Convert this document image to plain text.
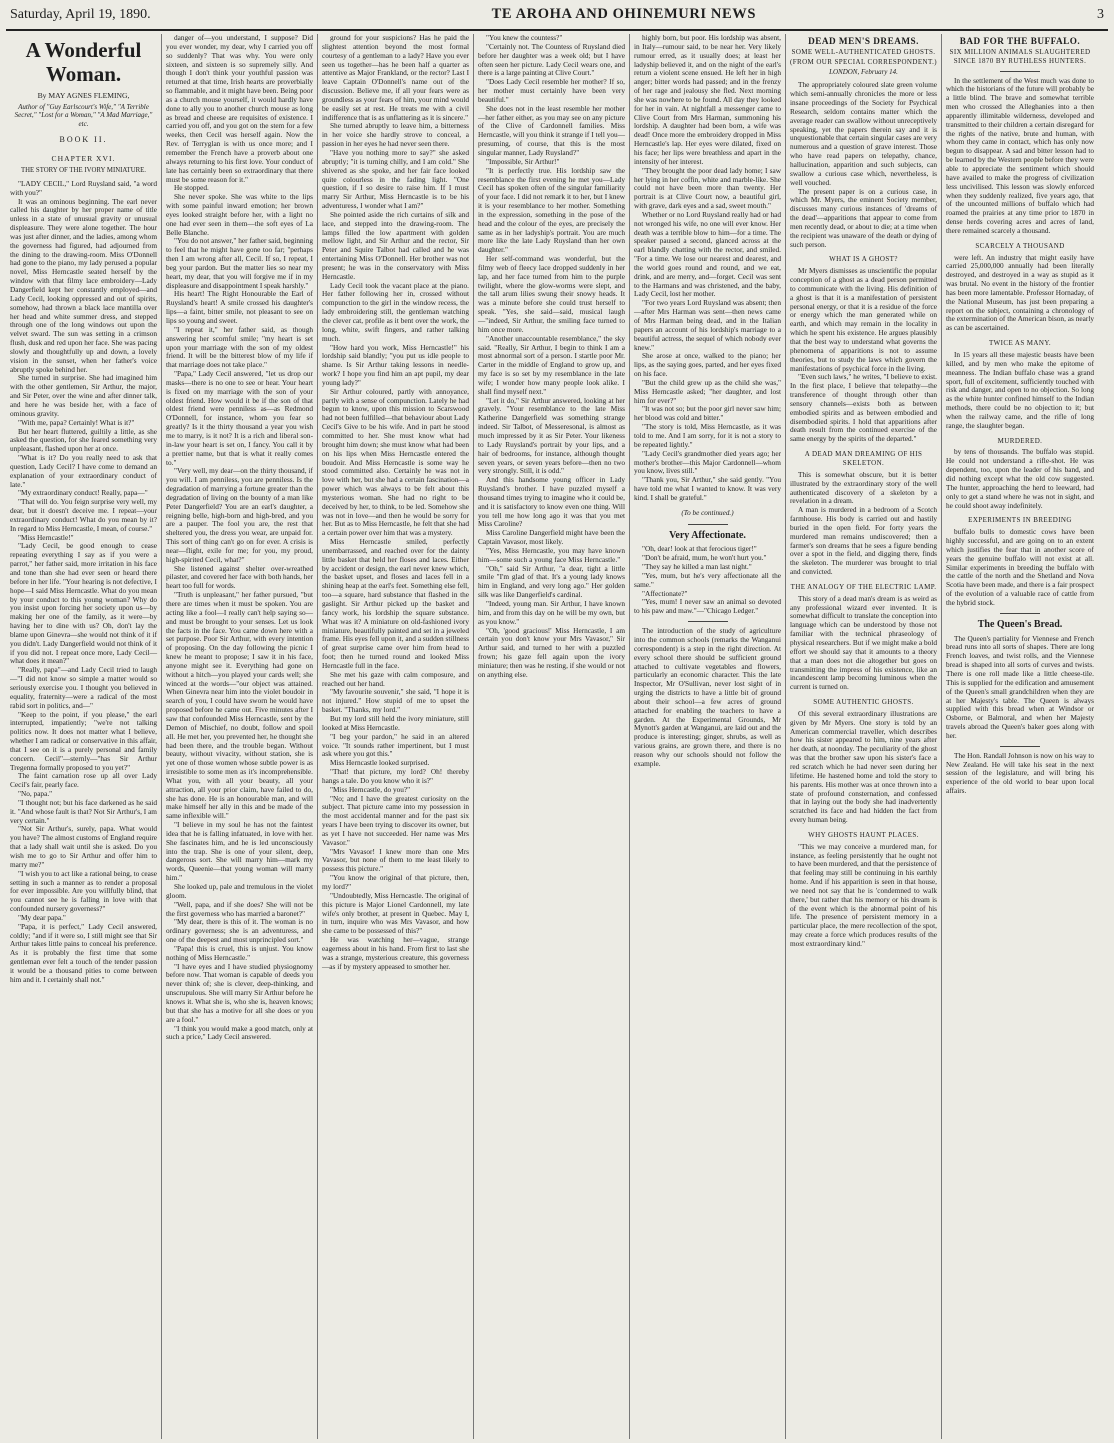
Saturday, April 19, 1890.	TE AROHA AND OHINEMURI NEWS	3
A Wonderful Woman.
By MAY AGNES FLEMING,
Author of "Guy Earlscourt's Wife," "A Terrible Secret," "Lost for a Woman," "A Mad Marriage," etc.
BOOK II.
CHAPTER XVI.
THE STORY OF THE IVORY MINIATURE.

"LADY CECIL," Lord Ruysland said, "a word with you?"

It was an ominous beginning. The earl never called his daughter by her proper name of title unless in a state of unusual gravity or unusual displeasure. They were alone together. The hour was just after dinner, and the ladies, among whom the governess had figured, had adjourned from the dining to the drawing-room. Miss O'Donnell had gone to the piano, my lady perused a popular novel, Miss Herncastle seated herself by the window with that filmy lace embroidery—Lady Dangerfield kept her constantly employed—and Lady Cecil, looking oppressed and out of spirits, somehow, had thrown a black lace mantilla over her head and white summer dress, and stepped through one of the long windows out upon the velvet sward. The sun was setting in a crimson flush, dusk and red upon her face. She was pacing slowly and thoughtfully up and down, a lovely vision in the sunset, when her father's voice abruptly spoke behind her.

She turned in surprise. She had imagined him with the other gentlemen, Sir Arthur, the major, and Sir Peter, over the wine and after dinner talk, and here he was beside her, with a face of ominous gravity.

"With me, papa? Certainly! What is it?"

But her heart fluttered, guiltily a little, as she asked the question, for she feared something very unpleasant, flashed upon her at once.

"What is it? Do you really need to ask that question, Lady Cecil? I have come to demand an explanation of your extraordinary conduct of late."

"My extraordinary conduct! Really, papa—"

"That will do. You feign surprise very well, my dear, but it doesn't deceive me. I repeat—your extraordinary conduct! What do you mean by it? In regard to Miss Herncastle, I mean, of course."

"Miss Herncastle!"

"Lady Cecil, be good enough to cease repeating everything I say as if you were a parrot," her father said, more irritation in his face and tone than she had ever seen or heard there before in her life. "Your hearing is not defective, I hope—I said Miss Herncastle. What do you mean by your conduct to this young woman? Why do you insist upon forcing her society upon us—by making her one of the family, as it were—by having her to dine with us? Oh, don't lay the blame upon Ginevra—she would not think of it if you didn't. Lady Dangerfield would not think of it if you did not. I repeat once more, Lady Cecil—what does it mean?"

"Really, papa"—and Lady Cecil tried to laugh—"I did not know so simple a matter would so seriously exercise you. I thought you believed in equality, fraternity—were a radical of the most rabid sort in politics, and—"

"Keep to the point, if you please," the earl interrupted, impatiently; "we're not talking politics now. It does not matter what I believe, whether I am radical or conservative in this affair, that I see on it is a purely personal and family concern. Cecil"—sternly—"has Sir Arthur Tregenna formally proposed to you yet?"

The faint carnation rose up all over Lady Cecil's fair, pearly face.

"No, papa."

"I thought not; but his face darkened as he said it. "And whose fault is that? Not Sir Arthur's, I am very certain."

"Not Sir Arthur's, surely, papa. What would you have? The almost customs of England require that a lady shall wait until she is asked. Do you wish me to go to Sir Arthur and offer him to marry me?"

"I wish you to act like a rational being, to cease setting in such a manner as to render a proposal for ever impossible. Are you willfully blind, that you cannot see he is falling in love with that confounded nursery governess?"

"My dear papa."

"Papa, it is perfect," Lady Cecil answered, coldly; "and if it were so, I still might see that Sir Arthur takes little pains to conceal his preference. As it is probably the first time that some gentleman ever felt a touch of the tender passion it would be a thousand pities to come between him and it. I certainly shall not."

danger of—you understand, I suppose? Did you ever wonder, my dear, why I carried you off so suddenly? That was why. You were only sixteen, and sixteen is so supremely silly. And though I don't think your youthful passion was returned at that time, Irish hearts are proverbially so flammable, and it might have been. Being poor as a church mouse yourself, it would hardly have done to ally you to another church mouse as long as bread and cheese are requisites of existence. I carried you off, and you got on the stem for a few weeks, then Cecil was herself again. Now the Rev. of Terryglan is with us once more; and I remember the French have a proverb about one always returning to his first love. Your conduct of late has certainly been so extraordinary that there must be some reason for it."

He stopped.

She never spoke. She was white to the lips with some painful inward emotion; her brown eyes looked straight before her, with a light no one had ever seen in them—the soft eyes of La Belle Blanche.

"You do not answer," her father said, beginning to feel that he might have gone too far; "perhaps then I am wrong after all, Cecil. If so, I repeat, I beg your pardon. But the matter lies so near my heart, my dear, that you will forgive me if in my displeasure and disappointment I speak harshly."

His heart! The Right Honourable the Earl of Ruysland's heart! A smile crossed his daughter's lips—a faint, bitter smile, not pleasant to see on lips so young and sweet.

"I repeat it," her father said, as though answering her scornful smile; "my heart is set upon your marriage with the son of my oldest friend. It will be the bitterest blow of my life if that marriage does not take place."

"Papa," Lady Cecil answered, "let us drop our masks—there is no one to see or hear. Your heart is fixed on my marriage with the son of your oldest friend. How would it be if the son of that oldest friend were penniless as—as Redmond O'Donnell, for instance, whom you fear so greatly? Is it the thirty thousand a year you wish me to marry, is it not? It is a rich and liberal son-in-law your heart is set on, I fancy. You call it by a prettier name, but that is what it really comes to."

"Very well, my dear—on the thirty thousand, if you will. I am penniless, you are penniless. Is the degradation of marrying a fortune greater than the degradation of living on the bounty of a man like Peter Dangerfield? You are an earl's daughter, a reigning belle, high-born and high-bred, and you are a pauper. The fool you are, the rest that sheltered you, the dress you wear, are unpaid for. This sort of thing can't go on for ever. A crisis is near—flight, exile for me; for you, my proud, high-spirited Cecil, what?"

She listened against shelter over-wreathed pilaster, and covered her face with both hands, her heart too full for words.

"Truth is unpleasant," her father pursued, "but there are times when it must be spoken. You are acting like a fool—I really can't help saying so—and must be brought to your senses. Let us look the facts in the face. You came down here with a set purpose. Poor Sir Arthur, with every intention of proposing. On the day following the picnic I knew he meant to propose; I saw it in his face, anyone might see it. Everything had gone on without a hitch—you played your cards well; she winced at the words—"our object was attained. When Ginevra near him into the violet boudoir in search of you, I could have sworn he would have proposed before he came out. Five minutes after I saw that confounded Miss Herncastle, sent by the Demon of Mischief, no doubt, follow and spoil all. He met her, you prevented her, he thought she had been there, and the trouble began. Without beauty, without vivacity, without station, she is yet one of those women whose subtle power is as irresistible to some men as it's incomprehensible. What you, with all your beauty, all your attraction, all your prior claim, have failed to do, she has done. He is an honourable man, and will make himself her ally in this and be made of the same inflexible will."

"I believe in my soul he has not the faintest idea that he is falling infatuated, in love with her. She fascinates him, and he is led unconsciously into the trap. She is one of your silent, deep, dangerous sort. She will marry him—mark my words, Queenie—that young woman will marry him."

She looked up, pale and tremulous in the violet gloom.

"Well, papa, and if she does? She will not be the first governess who has married a baronet?"

"My dear, there is this of it. The woman is no ordinary governess; she is an adventuress, and one of the deepest and most unprincipled sort."

"Papa! this is cruel, this is unjust. You know nothing of Miss Herncastle."

"I have eyes and I have studied physiognomy before now. That woman is capable of deeds you never think of; she is clever, deep-thinking, and unscrupulous. She will marry Sir Arthur before he knows it. What she is, who she is, heaven knows; but that she has a motive for all she does or you are a fool."

"I think you would make a good match, only at such a price," Lady Cecil answered.

ground for your suspicions? Has he paid the slightest attention beyond the most formal courtesy of a gentleman to a lady? Have you ever seen us together—has he been half a quarter as attentive as Major Frankland, or the rector? Last I leave Captain O'Donnell's name out of the discussion. Believe me, if all your fears were as groundless as your fears of him, your mind would be easily set at rest. He treats me with a civil indifference that is as unflattering as it is sincere."

She turned abruptly to leave him, a bitterness in her voice she hardly strove to conceal, a passion in her eyes he had never seen there.

"Have you nothing more to say?" she asked abruptly; "it is turning chilly, and I am cold." She shivered as she spoke, and her fair face looked quite colourless in the fading light. "One question, if I so desire to raise him. If I must marry Sir Arthur, Miss Herncastle is to be his adventuress, I wonder what I am?"

She pointed aside the rich curtains of silk and lace, and stepped into the drawing-room. The lamps filled the low apartment with golden mellow light, and Sir Arthur and the rector, Sir Peter and Squire Talbot had called and he was entertaining Miss O'Donnell. Her brother was not present; he was in the conservatory with Miss Herncastle.

Lady Cecil took the vacant place at the piano. Her father following her in, crossed without compunction to the girl in the window recess, the lady embroidering still, the gentleman watching the clever cat, profile as it bent over the work, the long, white, swift fingers, and rather talking much.

"How hard you work, Miss Herncastle!" his lordship said blandly; "you put us idle people to shame. Is Sir Arthur taking lessons in needle-work? I hope you find him an apt pupil, my dear young lady?"

Sir Arthur coloured, partly with annoyance, partly with a sense of compunction. Lately he had begun to know, upon this mission to Scarswood had not been fulfilled—that behaviour about Lady Cecil's Give to be his wife. And in part he stood committed to her. She must know what had brought him down; she must know what had been on his lips when Miss Herncastle entered the boudoir. And Miss Herncastle is some way he stood committed also. Certainly he was not in love with her, but she had a certain fascination—a power which was always to be felt about this mysterious woman. She had no right to be deceived by her, to think, to be led. Somehow she was not in love—and then he would be sorry for her. But as to Miss Herncastle, he felt that she had a certain power over him that was a mystery.

Miss Herncastle smiled, perfectly unembarrassed, and reached over for the dainty little basket that held her floses and laces. Either by accident or design, the earl never knew which, the basket upset, and floses and laces fell in a shining heap at the earl's feet. Something else fell, too—a square, hard substance that flashed in the gaslight. Sir Arthur picked up the basket and fancy work, his lordship the square substance. What was it? A miniature on old-fashioned ivory miniature, beautifully painted and set in a jeweled frame. His eyes fell upon it, and a sudden stillness of great surprise came over him from head to foot; then he turned round and looked Miss Herncastle full in the face.

She met his gaze with calm composure, and reached out her hand.

"My favourite souvenir," she said, "I hope it is not injured." How stupid of me to upset the basket. "Thanks, my lord."

But my lord still held the ivory miniature, still looked at Miss Herncastle.

"I beg your pardon," he said in an altered voice. "It sounds rather impertinent, but I must ask where you got this."

Miss Herncastle looked surprised.

"That! that picture, my lord? Oh! thereby hangs a tale. Do you know who it is?"

"Miss Herncastle, do you?"

"No; and I have the greatest curiosity on the subject. That picture came into my possession in the most accidental manner and for the past six years I have been trying to discover its owner, but as yet I have not succeeded. Her name was Mrs Vavasor."

"Mrs Vavasor! I knew more than one Mrs Vavasor, but none of them to me least likely to possess this picture."

"You know the original of that picture, then, my lord?"

"Undoubtedly, Miss Herncastle. The original of this picture is Major Lionel Cardonnell, my late wife's only brother, at present in Quebec. May I, in turn, inquire who was Mrs Vavasor, and how she came to be possessed of this?"

He was watching her—vague, strange eagerness about in his hand. From first to last she was a strange, mysterious creature, this governess—as if by mystery appeased to smother her.

"You knew the countess?"

"Certainly not. The Countess of Ruysland died before her daughter was a week old; but I have often seen her picture. Lady Cecil wears one, and there is a large painting at Clive Court."

"Does Lady Cecil resemble her mother? If so, her mother must certainly have been very beautiful."

She does not in the least resemble her mother—her father either, as you may see on any picture of the Clive of Cardonnell families. Miss Herncastle, will you think it strange if I tell you—presuming, of course, that this is the most singular manner, Lady Ruysland?"

"Impossible, Sir Arthur!"

"It is perfectly true. His lordship saw the resemblance the first evening he met you—Lady Cecil has spoken often of the singular familiarity of your face. I did not remark it to her, but I knew it is your resemblance to her mother. Something in the expression, something in the pose of the head and the colour of the eyes, are precisely the same as in her ladyship's portrait. You are much more like the late Lady Ruysland than her own daughter."

Her self-command was wonderful, but the filmy web of fleecy lace dropped suddenly in her lap, and her face turned from him to the purple twilight, where the glow-worms were slept, and the tall arum lilies swung their snowy heads. It was a minute before she could trust herself to speak. "Yes, she said—said, musical laugh—"indeed, Sir Arthur, the smiling face turned to him once more.

"Another unaccountable resemblance," the sky said. "Really, Sir Arthur, I begin to think I am a most abnormal sort of a person. I startle poor Mr. Carter in the middle of England to grow up, and my face is so set by my resemblance in the late wife; I wonder how many people look alike. I shall find myself next."

"Let it do," Sir Arthur answered, looking at her gravely. "Your resemblance to the late Miss Katherine Dangerfield was something strange indeed. Sir Talbot, of Messeresonal, is almost as much impressed by it as Sir Peter. Your likeness to Lady Ruysland's portrait by your lips, and a hair of bedrooms, for instance, although thought seven years, or seven years before—then no two very strongly. Still, it is odd."

And this handsome young officer in Lady Ruysland's brother. I have puzzled myself a thousand times trying to imagine who it could be, and it is satisfactory to know even one thing. Will you tell me how long ago it was that you met Miss Caroline?

Miss Caroline Dangerfield might have been the Captain Vavasor, most likely.

"Yes, Miss Herncastle, you may have known him—some such a young face Miss Herncastle."

"Oh," said Sir Arthur, "a dear, tight a little smile "I'm glad of that. It's a young lady knows him in England, and very long ago." Her golden silk was like Dangerfield's cardinal.

"Indeed, young man. Sir Arthur, I have known him, and from this day on he will be my own, but as you know."

"Oh, 'good gracious!' Miss Herncastle, I am certain you don't know your Mrs Vavasor," Sir Arthur said, and turned to her with a puzzled frown; his gaze fell again upon the ivory miniature; then was he resting, if she would or not on anything else.

highly born, but poor. His lordship was absent, in Italy—rumour said, to be near her. Very likely rumour erred, as it usually does; at least her ladyship believed it, and on the night of the earl's return a violent scene ensued. He left her in high anger; bitter words had passed; and in the frenzy of her rage and jealousy she fled. Next morning she was nowhere to be found. All day they looked for her in vain. At nightfall a messenger came to Clive Court from Mrs Harman, summoning his lordship. A daughter had been born, a wife was dead! Once more the embroidery dropped in Miss Herncastle's lap. Her eyes were dilated, fixed on his face; her lips were breathless and apart in the intensity of her interest.

"They brought the poor dead lady home; I saw her lying in her coffin, white and marble-like. She could not have been more than twenty. Her portrait is at Clive Court now, a beautiful girl, with grave, dark eyes and a sad, sweet mouth."

Whether or no Lord Ruysland really had or had not wronged his wife, no one will ever know. Her death was a terrible blow to him—for a time. The speaker paused a second, glanced across at the earl blandly chatting with the rector, and smiled. "For a time. We lose our nearest and dearest, and the world goes round and round, and we eat, drink, and are merry, and—forget. Cecil was sent to the Harmans and was christened, and the baby, Lady Cecil, lost her mother.

"For two years Lord Ruysland was absent; then—after Mrs Harman was sent—then news came of Mrs Harman being dead, and in the Italian papers an account of his lordship's marriage to a beautiful actress, the sequel of which nobody ever knew."

She arose at once, walked to the piano; her lips, as the saying goes, parted, and her eyes fixed on his face.

"But the child grew up as the child she was," Miss Herncastle asked; "her daughter, and lost him for ever?"

"It was not so; but the poor girl never saw him; her blood was cold and bitter."

"The story is told, Miss Herncastle, as it was told to me. And I am sorry, for it is not a story to be repeated lightly."

"Lady Cecil's grandmother died years ago; her mother's brother—this Major Cardonnell—whom you know, lives still."

"Thank you, Sir Arthur," she said gently. "You have told me what I wanted to know. It was very kind. I shall be grateful."

(To be continued.)
Very Affectionate.

"Oh, dear! look at that ferocious tiger!"

"Don't be afraid, mum, he won't hurt you."

"They say he killed a man last night."

"Yes, mum, but he's very affectionate all the same."

"Affectionate?"

"Yes, mum! I never saw an animal so devoted to his paw and maw."—"Chicago Ledger."

The introduction of the study of agriculture into the common schools (remarks the Wanganui correspondent) is a step in the right direction. At every school there should be sufficient ground attached to cultivate vegetables and flowers, particularly an economic character. This the late Inspector, Mr O'Sullivan, never lost sight of in urging the districts to have a little bit of ground about their school—a few acres of ground attached for enabling the teachers to have a garden. At the Experimental Grounds, Mr Mynott's garden at Wanganui, are laid out and the produce is interesting; ginger, shrubs, as well as various grains, are grown there, and there is no reason why our schools should not follow the example.

DEAD MEN'S DREAMS.
SOME WELL-AUTHENTICATED GHOSTS.
(FROM OUR SPECIAL CORRESPONDENT.)
LONDON, February 14.

The appropriately coloured slate green volume which semi-annually chronicles the more or less insane proceedings of the Society for Psychical Research, seldom contains matter which the average reader can swallow without unreceptively speaking, yet the papers therein say and it is unquestionable that certain singular cases are very numerous and a question of grave interest. Those who have read papers on telepathy, chance, hallucination, apparition and such subjects, can swallow a curious case which, nevertheless, is well vouched.

The present paper is on a curious case, in which Mr. Myers, the eminent Society member, discusses many curious instances of 'dreams of the dead'—apparitions that appear to come from men recently dead, or about to die; at a time when the recipient was unaware of the death or dying of such person.

WHAT IS A GHOST?

Mr Myers dismisses as unscientific the popular conception of a ghost as a dead person permitted to communicate with the living. His definition of a ghost is that it is a manifestation of persistent personal energy, or that it is a residue of the force or energy which the man generated while on earth, and which may remain in the locality in which he spent his existence. He argues plausibly that the best way to understand what governs the phenomena of apparitions is not to assume theories, but to study the laws which govern the manifestations of psychical force in the living.

"Even such laws," he writes, "I believe to exist. In the first place, I believe that telepathy—the transference of thought through other than sensory channels—exists both as between embodied spirits and as between embodied and disembodied spirits. I hold that apparitions after death result from the continued exercise of the same energy by the spirits of the departed."

A DEAD MAN DREAMING OF HIS SKELETON.

This is somewhat obscure, but it is better illustrated by the extraordinary story of the well authenticated discovery of a skeleton by a revelation in a dream.

A man is murdered in a bedroom of a Scotch farmhouse. His body is carried out and hastily buried in the open field. For forty years the murdered man remains undiscovered; then a farmer's son dreams that he sees a figure bending over a spot in the field, and digging there, finds the skeleton. The murderer was brought to trial and convicted.

THE ANALOGY OF THE ELECTRIC LAMP.

This story of a dead man's dream is as weird as any professional wizard ever invented. It is somewhat difficult to translate the conception into language which can be understood by those not familiar with the technical phraseology of physical researchers. But if we might make a bold effort we should say that it amounts to a theory that a man does not die altogether but goes on transmitting the impress of his existence, like an incandescent lamp becoming luminous when the current is turned on.

SOME AUTHENTIC GHOSTS.

Of this several extraordinary illustrations are given by Mr Myers. One story is told by an American commercial traveller, which describes how his sister appeared to him, nine years after her death, at noonday. The peculiarity of the ghost was that the brother saw upon his sister's face a red scratch which he had never seen during her lifetime. He hastened home and told the story to his parents. His mother was at once thrown into a state of profound consternation, and confessed that in laying out the body she had inadvertently scratched its face and had hidden the fact from every human being.

WHY GHOSTS HAUNT PLACES.

"This we may conceive a murdered man, for instance, as feeling persistently that he ought not to have been murdered, and that the persistence of that feeling may still be continuing in his earthly home. And if his apparition is seen in that house, we need not say that he is 'condemned to walk there,' but rather that his memory or his dream is of the event which is the abnormal point of his life. The presence of persistent memory in a particular place, the mere recollection of the spot, may create a force which produces results of the most extraordinary kind."

BAD FOR THE BUFFALO.
SIX MILLION ANIMALS SLAUGHTERED SINCE 1870 BY RUTHLESS HUNTERS.

In the settlement of the West much was done to which the historians of the future will probably be a little blind. The brave and somewhat terrible men who crossed the Alleghanies into a then apparently illimitable wilderness, developed and transmitted to their children a certain disregard for the rights of the native, brute and human, with whom they came in contact, which has only now begun to disappear. A sad and bitter lesson had to be learned by the Western people before they were able to appreciate the sentiment which should have availed to make the progress of civilization less uncivilised. This lesson was slowly enforced when they suddenly realized, five years ago, that of the uncounted millions of buffalo which had roamed the prairies at any time prior to 1870 in dense herds covering acres and acres of land, there remained scarcely a thousand.

SCARCELY A THOUSAND

were left. An industry that might easily have carried 25,000,000 annually had been literally destroyed, and destroyed in a way as stupid as it was brutal. No event in the history of the frontier has been more lamentable. Professor Hornaday, of the National Museum, has just been preparing a report on the subject, containing a chronology of the extermination of the American bison, as nearly as can be ascertained.

TWICE AS MANY.

In 15 years all these majestic beasts have been killed, and by men who make the epitome of meanness. The Indian buffalo chase was a grand sport, full of excitement, sufficiently touched with risk and danger, and open to no objection. So long as the white hunter confined himself to the Indian methods, there could be no objection to it; but when the railway came, and the rifle of long range, the slaughter began.

MURDERED.

by tens of thousands. The buffalo was stupid. He could not understand a rifle-shot. He was dependent, too, upon the leader of his band, and did nothing except what the old cow suggested. The hunter, approaching the herd to leeward, had only to get a stand where he was not in sight, and he could shoot away indefinitely.

EXPERIMENTS IN BREEDING

buffalo bulls to domestic cows have been highly successful, and are going on to an extent which justifies the fear that in another score of years the genuine buffalo will not exist at all. Similar experiments in breeding the buffalo with the cattle of the north and the Shetland and Nova Scotia have been made, and there is a fair prospect of the evolution of a valuable race of cattle from the hybrid stock.

The Queen's Bread.

The Queen's partiality for Viennese and French bread runs into all sorts of shapes. There are long French loaves, and twist rolls, and the Viennese bread is shaped into all sorts of curves and twists. There is one roll made like a little cheese-tile. This is supplied for the edification and amusement of the Queen's small grandchildren when they are at her Majesty's table. The Queen is always supplied with this bread when at Windsor or Osborne, or Balmoral, and when her Majesty travels abroad the Queen's baker goes along with her.

The Hon. Randall Johnson is now on his way to New Zealand. He will take his seat in the next session of the legislature, and will bring his experience of the old world to bear upon local affairs.
